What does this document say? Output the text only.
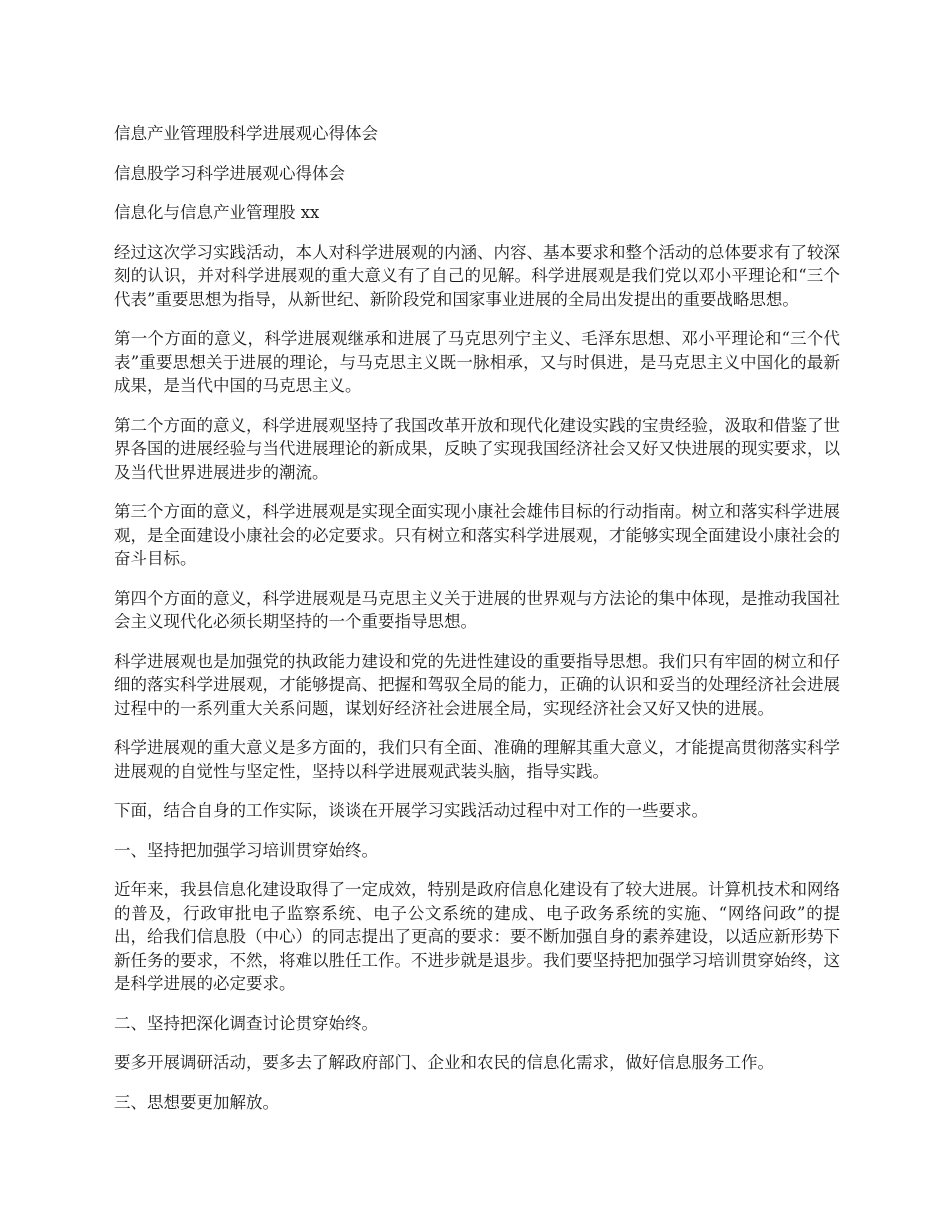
信息产业管理股科学进展观心得体会

信息股学习科学进展观心得体会

信息化与信息产业管理股 xx

经过这次学习实践活动，本人对科学进展观的内涵、内容、基本要求和整个活动的总体要求有了较深刻的认识，并对科学进展观的重大意义有了自己的见解。科学进展观是我们党以邓小平理论和“三个代表”重要思想为指导，从新世纪、新阶段党和国家事业进展的全局出发提出的重要战略思想。

第一个方面的意义，科学进展观继承和进展了马克思列宁主义、毛泽东思想、邓小平理论和“三个代表”重要思想关于进展的理论，与马克思主义既一脉相承，又与时俱进，是马克思主义中国化的最新成果，是当代中国的马克思主义。

第二个方面的意义，科学进展观坚持了我国改革开放和现代化建设实践的宝贵经验，汲取和借鉴了世界各国的进展经验与当代进展理论的新成果，反映了实现我国经济社会又好又快进展的现实要求，以及当代世界进展进步的潮流。

第三个方面的意义，科学进展观是实现全面实现小康社会雄伟目标的行动指南。树立和落实科学进展观，是全面建设小康社会的必定要求。只有树立和落实科学进展观，才能够实现全面建设小康社会的奋斗目标。

第四个方面的意义，科学进展观是马克思主义关于进展的世界观与方法论的集中体现，是推动我国社会主义现代化必须长期坚持的一个重要指导思想。

科学进展观也是加强党的执政能力建设和党的先进性建设的重要指导思想。我们只有牢固的树立和仔细的落实科学进展观，才能够提高、把握和驾驭全局的能力，正确的认识和妥当的处理经济社会进展过程中的一系列重大关系问题，谋划好经济社会进展全局，实现经济社会又好又快的进展。

科学进展观的重大意义是多方面的，我们只有全面、准确的理解其重大意义，才能提高贯彻落实科学进展观的自觉性与坚定性，坚持以科学进展观武装头脑，指导实践。

下面，结合自身的工作实际，谈谈在开展学习实践活动过程中对工作的一些要求。

一、坚持把加强学习培训贯穿始终。

近年来，我县信息化建设取得了一定成效，特别是政府信息化建设有了较大进展。计算机技术和网络的普及，行政审批电子监察系统、电子公文系统的建成、电子政务系统的实施、“网络问政”的提出，给我们信息股（中心）的同志提出了更高的要求：要不断加强自身的素养建设，以适应新形势下新任务的要求，不然，将难以胜任工作。不进步就是退步。我们要坚持把加强学习培训贯穿始终，这是科学进展的必定要求。

二、坚持把深化调查讨论贯穿始终。

要多开展调研活动，要多去了解政府部门、企业和农民的信息化需求，做好信息服务工作。

三、思想要更加解放。
